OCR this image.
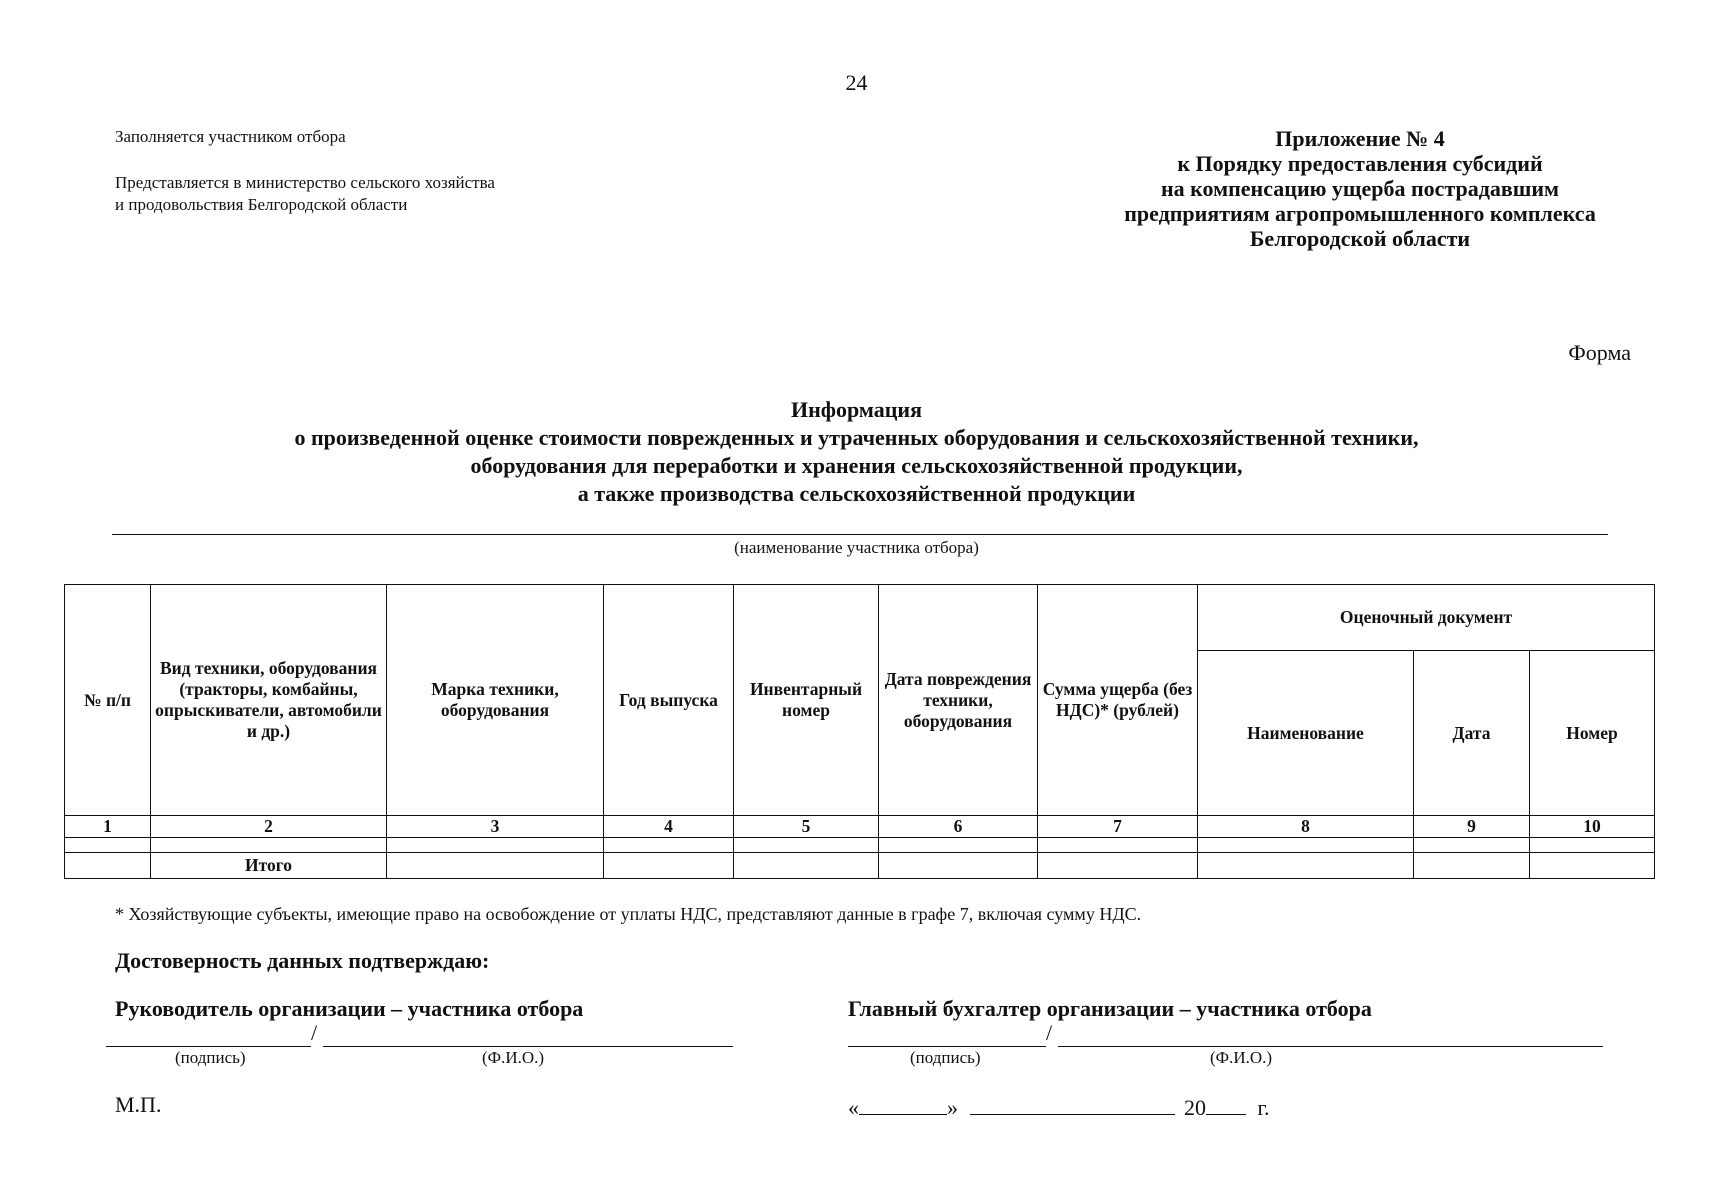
24
Заполняется участником отбора
Представляется в министерство сельского хозяйства
и продовольствия Белгородской области
Приложение № 4
к Порядку предоставления субсидий
на компенсацию ущерба пострадавшим
предприятиям агропромышленного комплекса
Белгородской области
Форма
Информация
о произведенной оценке стоимости поврежденных и утраченных оборудования и сельскохозяйственной техники,
оборудования для переработки и хранения сельскохозяйственной продукции,
а также производства сельскохозяйственной продукции
(наименование участника отбора)
№ п/п	Вид техники, оборудования (тракторы, комбайны, опрыскиватели, автомобили и др.)	Марка техники, оборудования	Год выпуска	Инвентарный номер	Дата повреждения техники, оборудования	Сумма ущерба (без НДС)* (рублей)	Оценочный документ		
							Наименование	Дата	Номер
1	2	3	4	5	6	7	8	9	10

	Итого								
* Хозяйствующие субъекты, имеющие право на освобождение от уплаты НДС, представляют данные в графе 7, включая сумму НДС.
Достоверность данных подтверждаю:
Руководитель организации – участника отбора
/
(подпись)	(Ф.И.О.)
Главный бухгалтер организации – участника отбора
/
(подпись)	(Ф.И.О.)
М.П.	«	»	20 г.
